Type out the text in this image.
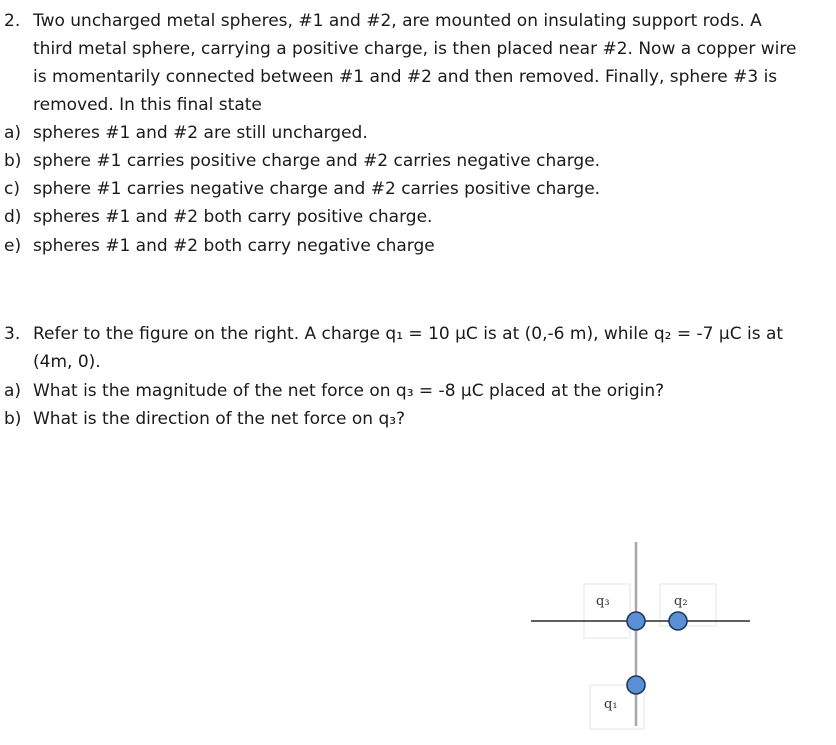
2. Two uncharged metal spheres, #1 and #2, are mounted on insulating support rods. A
third metal sphere, carrying a positive charge, is then placed near #2. Now a copper wire
is momentarily connected between #1 and #2 and then removed. Finally, sphere #3 is
removed. In this final state
a) spheres #1 and #2 are still uncharged.
b) sphere #1 carries positive charge and #2 carries negative charge.
c) sphere #1 carries negative charge and #2 carries positive charge.
d) spheres #1 and #2 both carry positive charge.
e) spheres #1 and #2 both carry negative charge
3. Refer to the figure on the right. A charge q₁ = 10 μC is at (0,-6 m), while q₂ = -7 μC is at
(4m, 0).
a) What is the magnitude of the net force on q₃ = -8 μC placed at the origin?
b) What is the direction of the net force on q₃?
q₃	q₂
q₁
